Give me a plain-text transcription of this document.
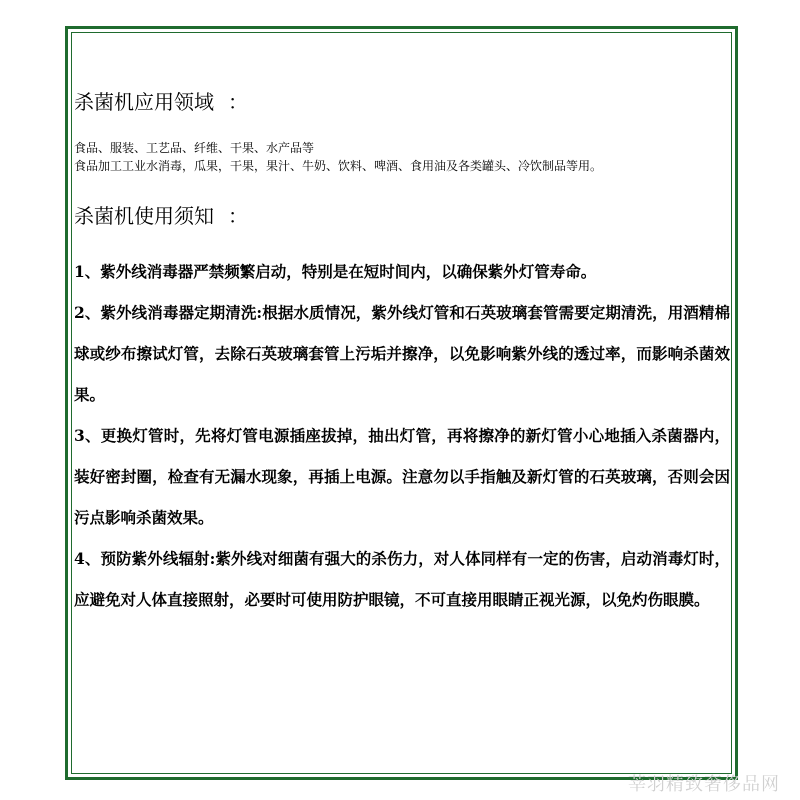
杀菌机应用领域 ：
食品、服装、工艺品、纤维、干果、水产品等
食品加工工业水消毒，瓜果，干果，果汁、牛奶、饮料、啤酒、食用油及各类罐头、冷饮制品等用。
杀菌机使用须知 ：

1、紫外线消毒器严禁频繁启动，特别是在短时间内，以确保紫外灯管寿命。

2、紫外线消毒器定期清洗:根据水质情况，紫外线灯管和石英玻璃套管需要定期清洗，用酒精棉球或纱布擦试灯管，去除石英玻璃套管上污垢并擦净，以免影响紫外线的透过率，而影响杀菌效果。

3、更换灯管时，先将灯管电源插座拔掉，抽出灯管，再将擦净的新灯管小心地插入杀菌器内，装好密封圈，检查有无漏水现象，再插上电源。注意勿以手指触及新灯管的石英玻璃，否则会因污点影响杀菌效果。

4、预防紫外线辐射:紫外线对细菌有强大的杀伤力，对人体同样有一定的伤害，启动消毒灯时，应避免对人体直接照射，必要时可使用防护眼镜，不可直接用眼睛正视光源，以免灼伤眼膜。

莘羽精致奢侈品网
